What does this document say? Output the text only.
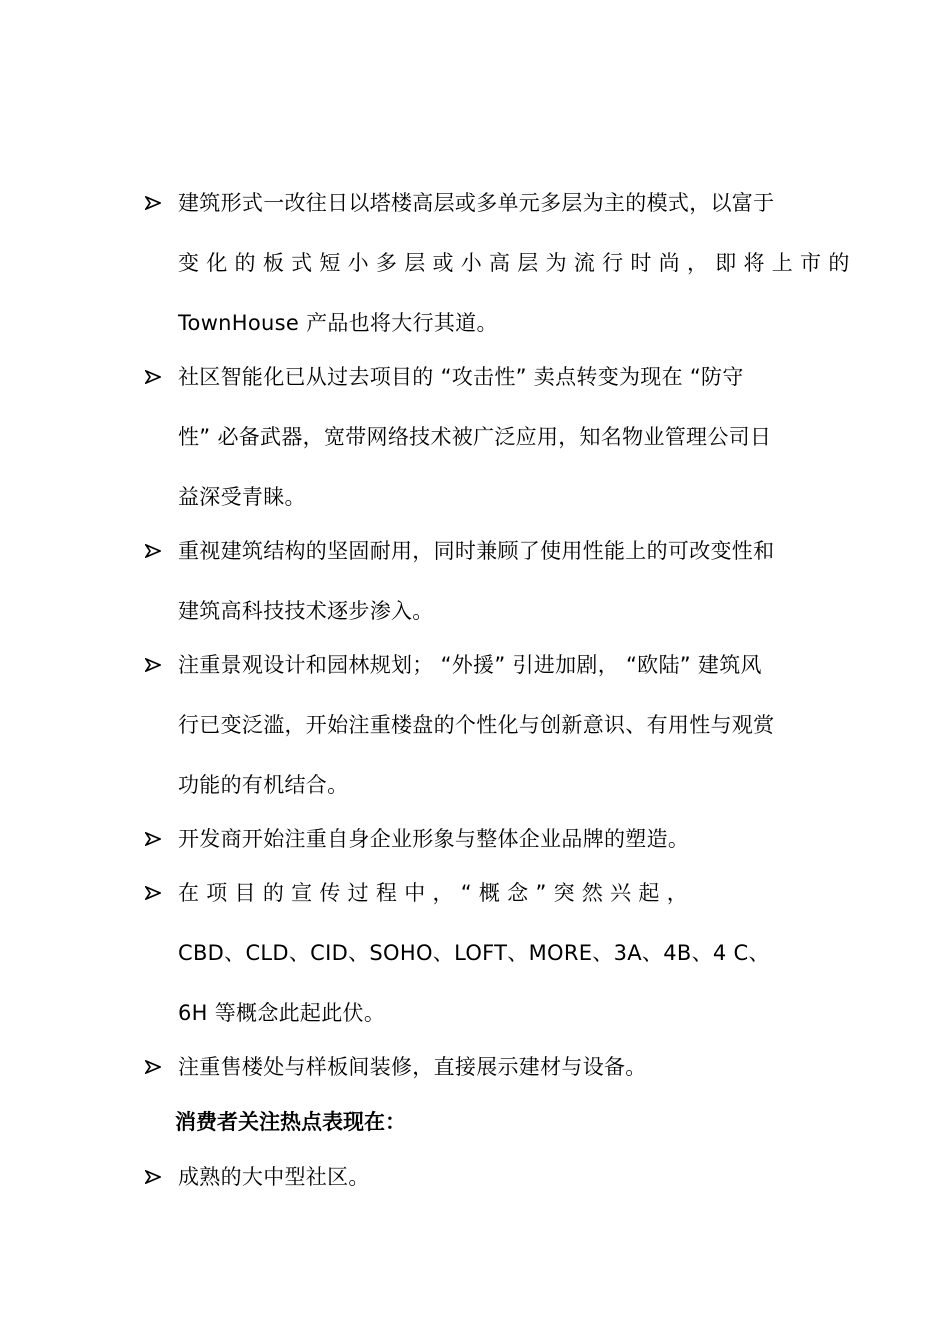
建筑形式一改往日以塔楼高层或多单元多层为主的模式，以富于
变 化 的 板 式 短 小 多 层 或 小 高 层 为 流 行 时 尚 ， 即 将 上 市 的
TownHouse 产品也将大行其道。
社区智能化已从过去项目的 “攻击性” 卖点转变为现在 “防守
性” 必备武器，宽带网络技术被广泛应用，知名物业管理公司日
益深受青睐。
重视建筑结构的坚固耐用，同时兼顾了使用性能上的可改变性和
建筑高科技技术逐步渗入。
注重景观设计和园林规划； “外援” 引进加剧， “欧陆” 建筑风
行已变泛滥，开始注重楼盘的个性化与创新意识、有用性与观赏
功能的有机结合。
开发商开始注重自身企业形象与整体企业品牌的塑造。
在 项 目 的 宣 传 过 程 中 ， “ 概 念 ” 突 然 兴 起 ，
CBD、CLD、CID、SOHO、LOFT、MORE、3A、4B、4 C、
6H 等概念此起此伏。
注重售楼处与样板间装修，直接展示建材与设备。
消费者关注热点表现在：
成熟的大中型社区。
